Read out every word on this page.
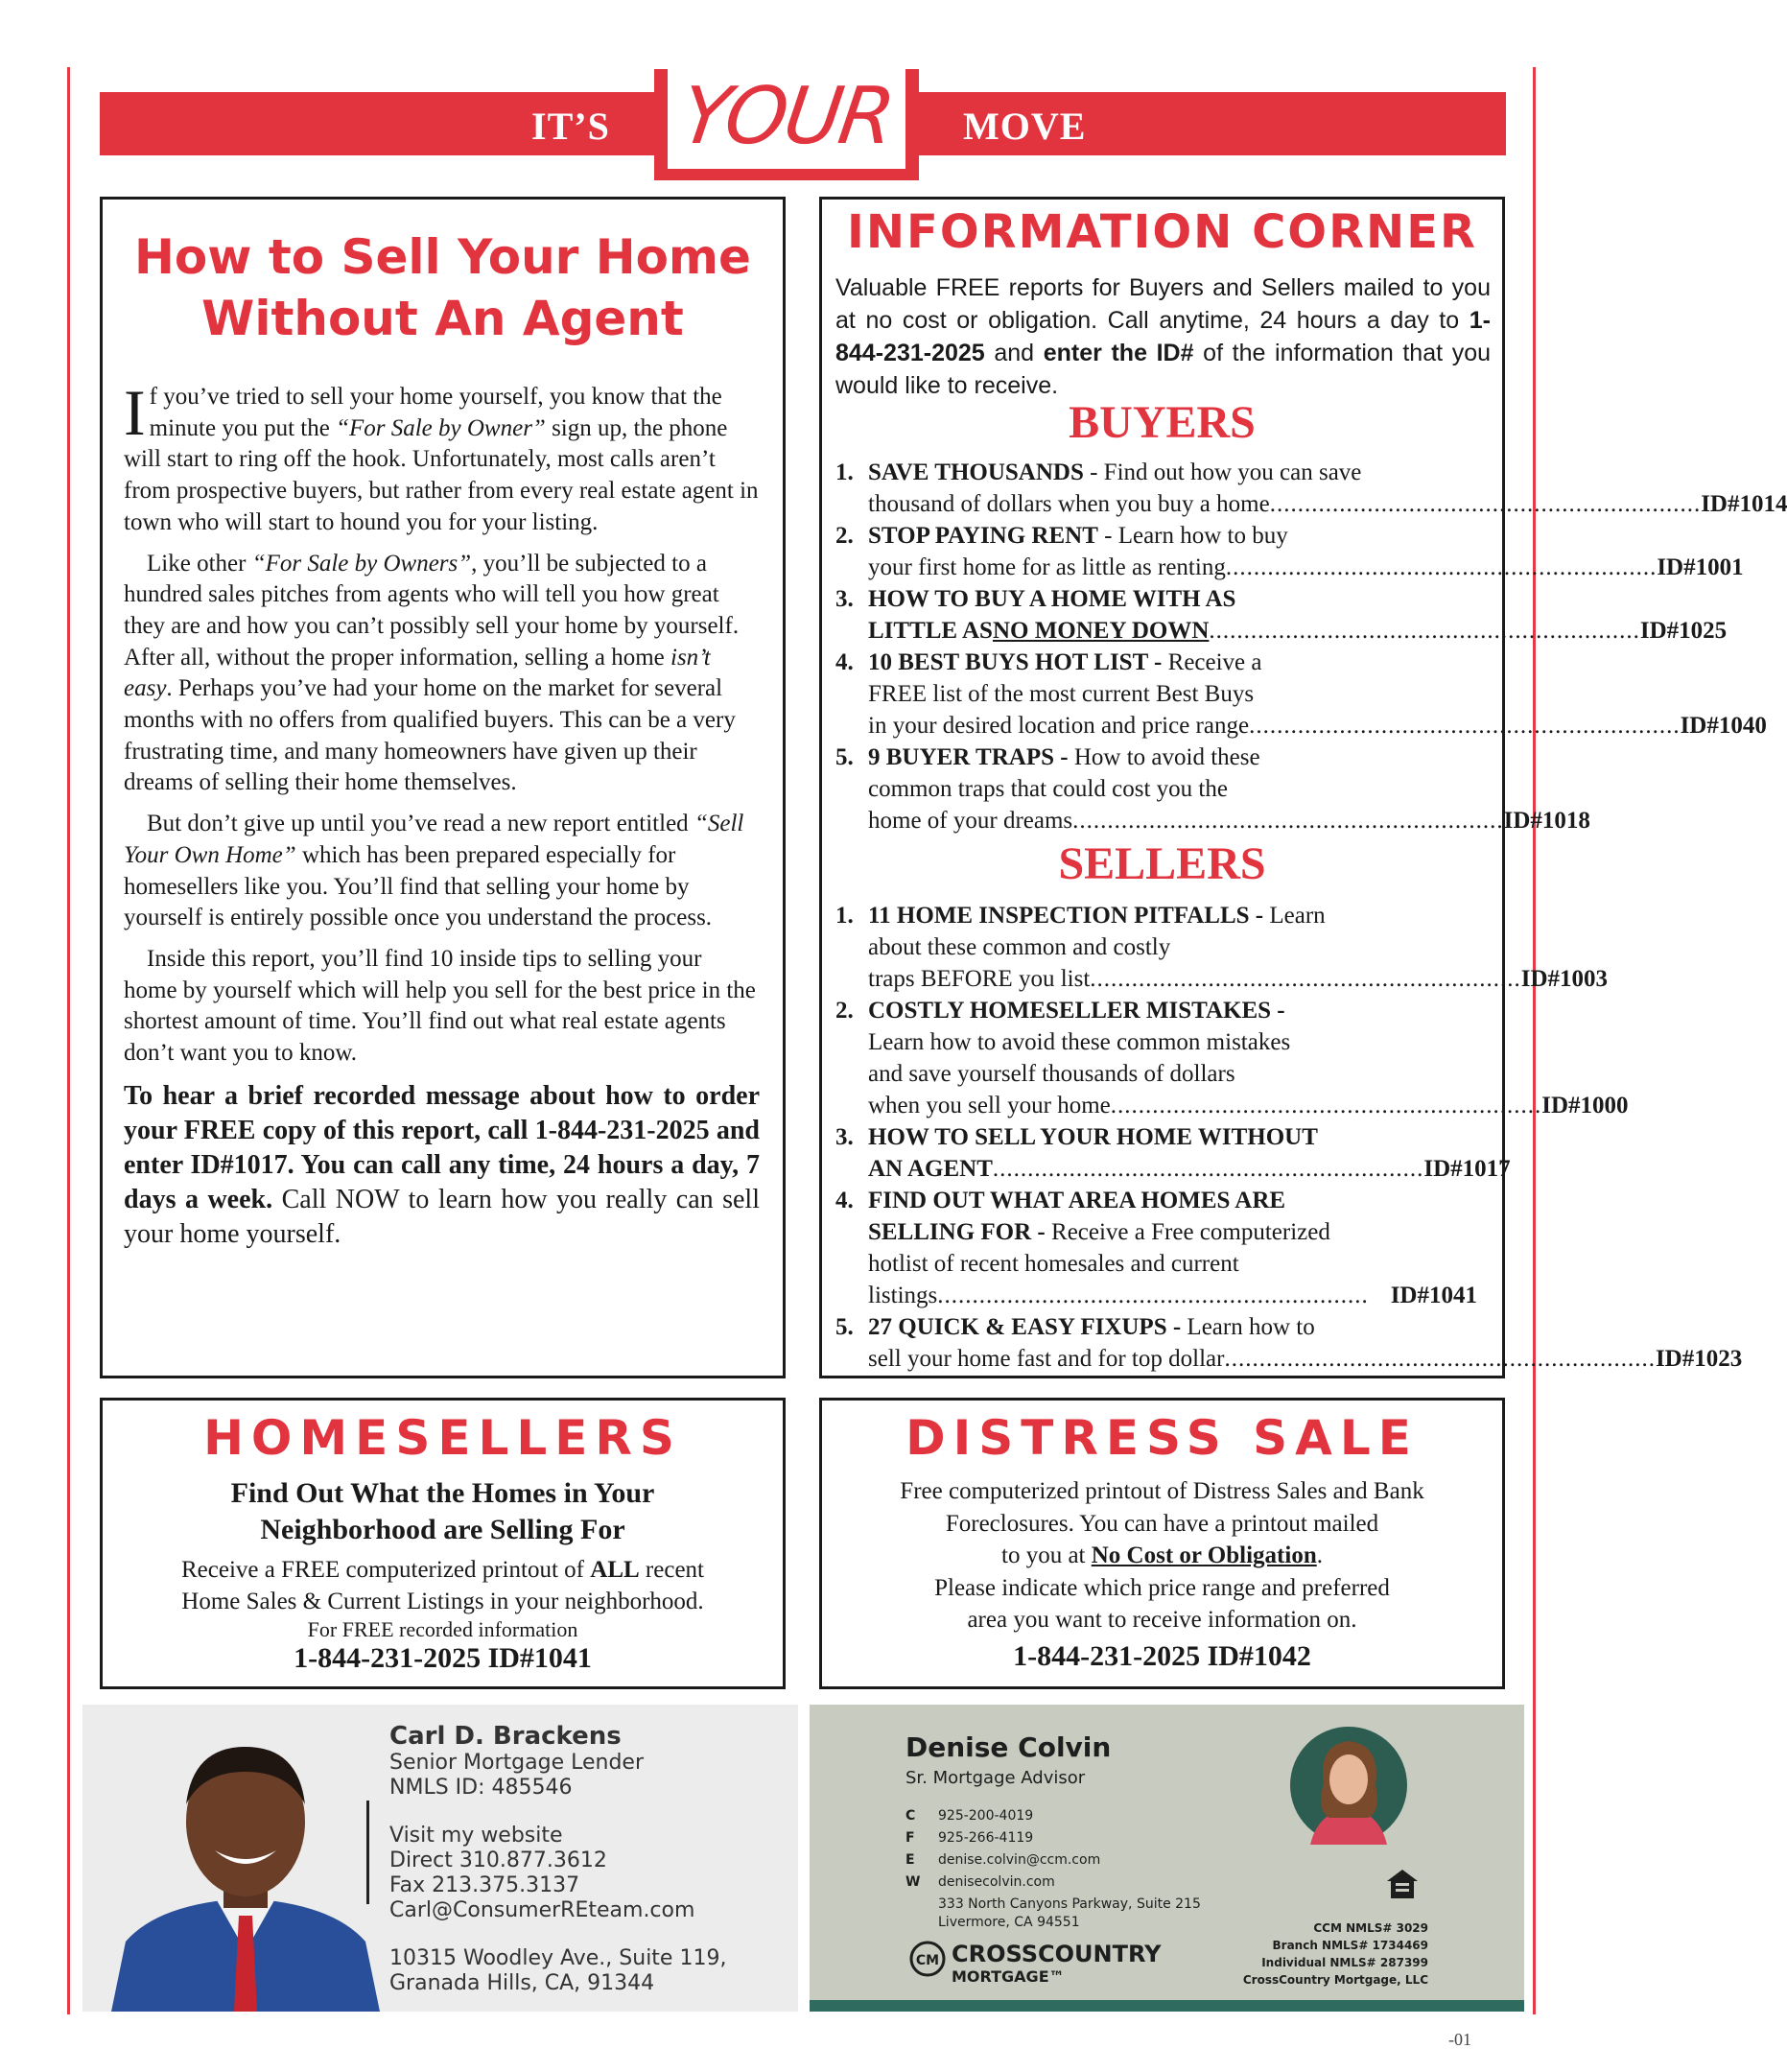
IT’S	MOVE
YOUR
How to Sell Your Home
Without An Agent

If you’ve tried to sell your home yourself, you know that the minute you put the “For Sale by Owner” sign up, the phone will start to ring off the hook. Unfortunately, most calls aren’t from prospective buyers, but rather from every real estate agent in town who will start to hound you for your listing.

Like other “For Sale by Owners”, you’ll be subjected to a hundred sales pitches from agents who will tell you how great they are and how you can’t possibly sell your home by yourself. After all, without the proper information, selling a home isn’t easy. Perhaps you’ve had your home on the market for several months with no offers from qualified buyers. This can be a very frustrating time, and many homeowners have given up their dreams of selling their home themselves.

But don’t give up until you’ve read a new report entitled “Sell Your Own Home” which has been prepared especially for homesellers like you. You’ll find that selling your home by yourself is entirely possible once you understand the process.

Inside this report, you’ll find 10 inside tips to selling your home by yourself which will help you sell for the best price in the shortest amount of time. You’ll find out what real estate agents don’t want you to know.

To hear a brief recorded message about how to order your FREE copy of this report, call 1-844-231-2025 and enter ID#1017. You can call any time, 24 hours a day, 7 days a week. Call NOW to learn how you really can sell your home yourself.
INFORMATION CORNER
Valuable FREE reports for Buyers and Sellers mailed to you at no cost or obligation. Call anytime, 24 hours a day to 1-844-231-2025 and enter the ID# of the information that you would like to receive.
BUYERS
1. SAVE THOUSANDS - Find out how you can save
thousand of dollars when you buy a home .............................................................. ID#1014
2. STOP PAYING RENT - Learn how to buy
your first home for as little as renting .............................................................. ID#1001
3. HOW TO BUY A HOME WITH AS
LITTLE AS NO MONEY DOWN .............................................................. ID#1025
4. 10 BEST BUYS HOT LIST - Receive a
FREE list of the most current Best Buys
in your desired location and price range .............................................................. ID#1040
5. 9 BUYER TRAPS - How to avoid these
common traps that could cost you the
home of your dreams .............................................................. ID#1018
SELLERS
1. 11 HOME INSPECTION PITFALLS - Learn
about these common and costly
traps BEFORE you list .............................................................. ID#1003
2. COSTLY HOMESELLER MISTAKES -
Learn how to avoid these common mistakes
and save yourself thousands of dollars
when you sell your home .............................................................. ID#1000
3. HOW TO SELL YOUR HOME WITHOUT
AN AGENT .............................................................. ID#1017
4. FIND OUT WHAT AREA HOMES ARE
SELLING FOR - Receive a Free computerized
hotlist of recent homesales and current
listings .............................................................. ID#1041
5. 27 QUICK & EASY FIXUPS - Learn how to
sell your home fast and for top dollar .............................................................. ID#1023
HOMESELLERS
Find Out What the Homes in Your
Neighborhood are Selling For
Receive a FREE computerized printout of ALL recent
Home Sales & Current Listings in your neighborhood.
For FREE recorded information
1-844-231-2025 ID#1041
DISTRESS SALE
Free computerized printout of Distress Sales and Bank
Foreclosures. You can have a printout mailed
to you at No Cost or Obligation.
Please indicate which price range and preferred
area you want to receive information on.
1-844-231-2025 ID#1042
Carl D. Brackens
Senior Mortgage Lender
NMLS ID: 485546
Visit my website
Direct 310.877.3612
Fax 213.375.3137
Carl@ConsumerREteam.com
10315 Woodley Ave., Suite 119,
Granada Hills, CA, 91344
Denise Colvin
Sr. Mortgage Advisor
C 925-200-4019
F 925-266-4119
E denise.colvin@ccm.com
W denisecolvin.com
333 North Canyons Parkway, Suite 215
Livermore, CA 94551
CM CROSSCOUNTRY
MORTGAGE™
CCM NMLS# 3029
Branch NMLS# 1734469
Individual NMLS# 287399
CrossCountry Mortgage, LLC
-01
